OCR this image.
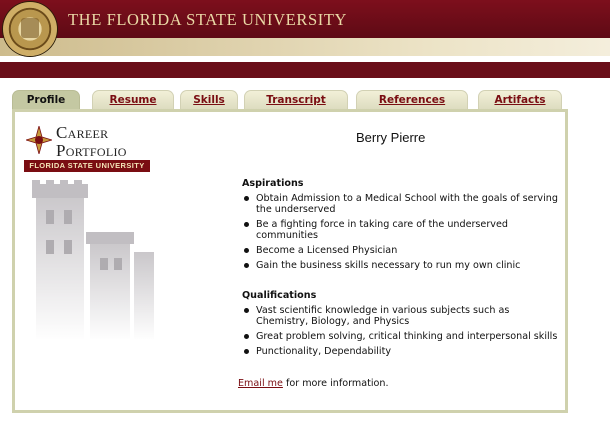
THE FLORIDA STATE UNIVERSITY
Profile	Resume	Skills	Transcript	References	Artifacts
Career
Portfolio
FLORIDA STATE UNIVERSITY
Berry Pierre
Aspirations
Obtain Admission to a Medical School with the goals of serving the underserved
Be a fighting force in taking care of the underserved communities
Become a Licensed Physician
Gain the business skills necessary to run my own clinic
Qualifications
Vast scientific knowledge in various subjects such as Chemistry, Biology, and Physics
Great problem solving, critical thinking and interpersonal skills
Punctionality, Dependability
Email me for more information.
